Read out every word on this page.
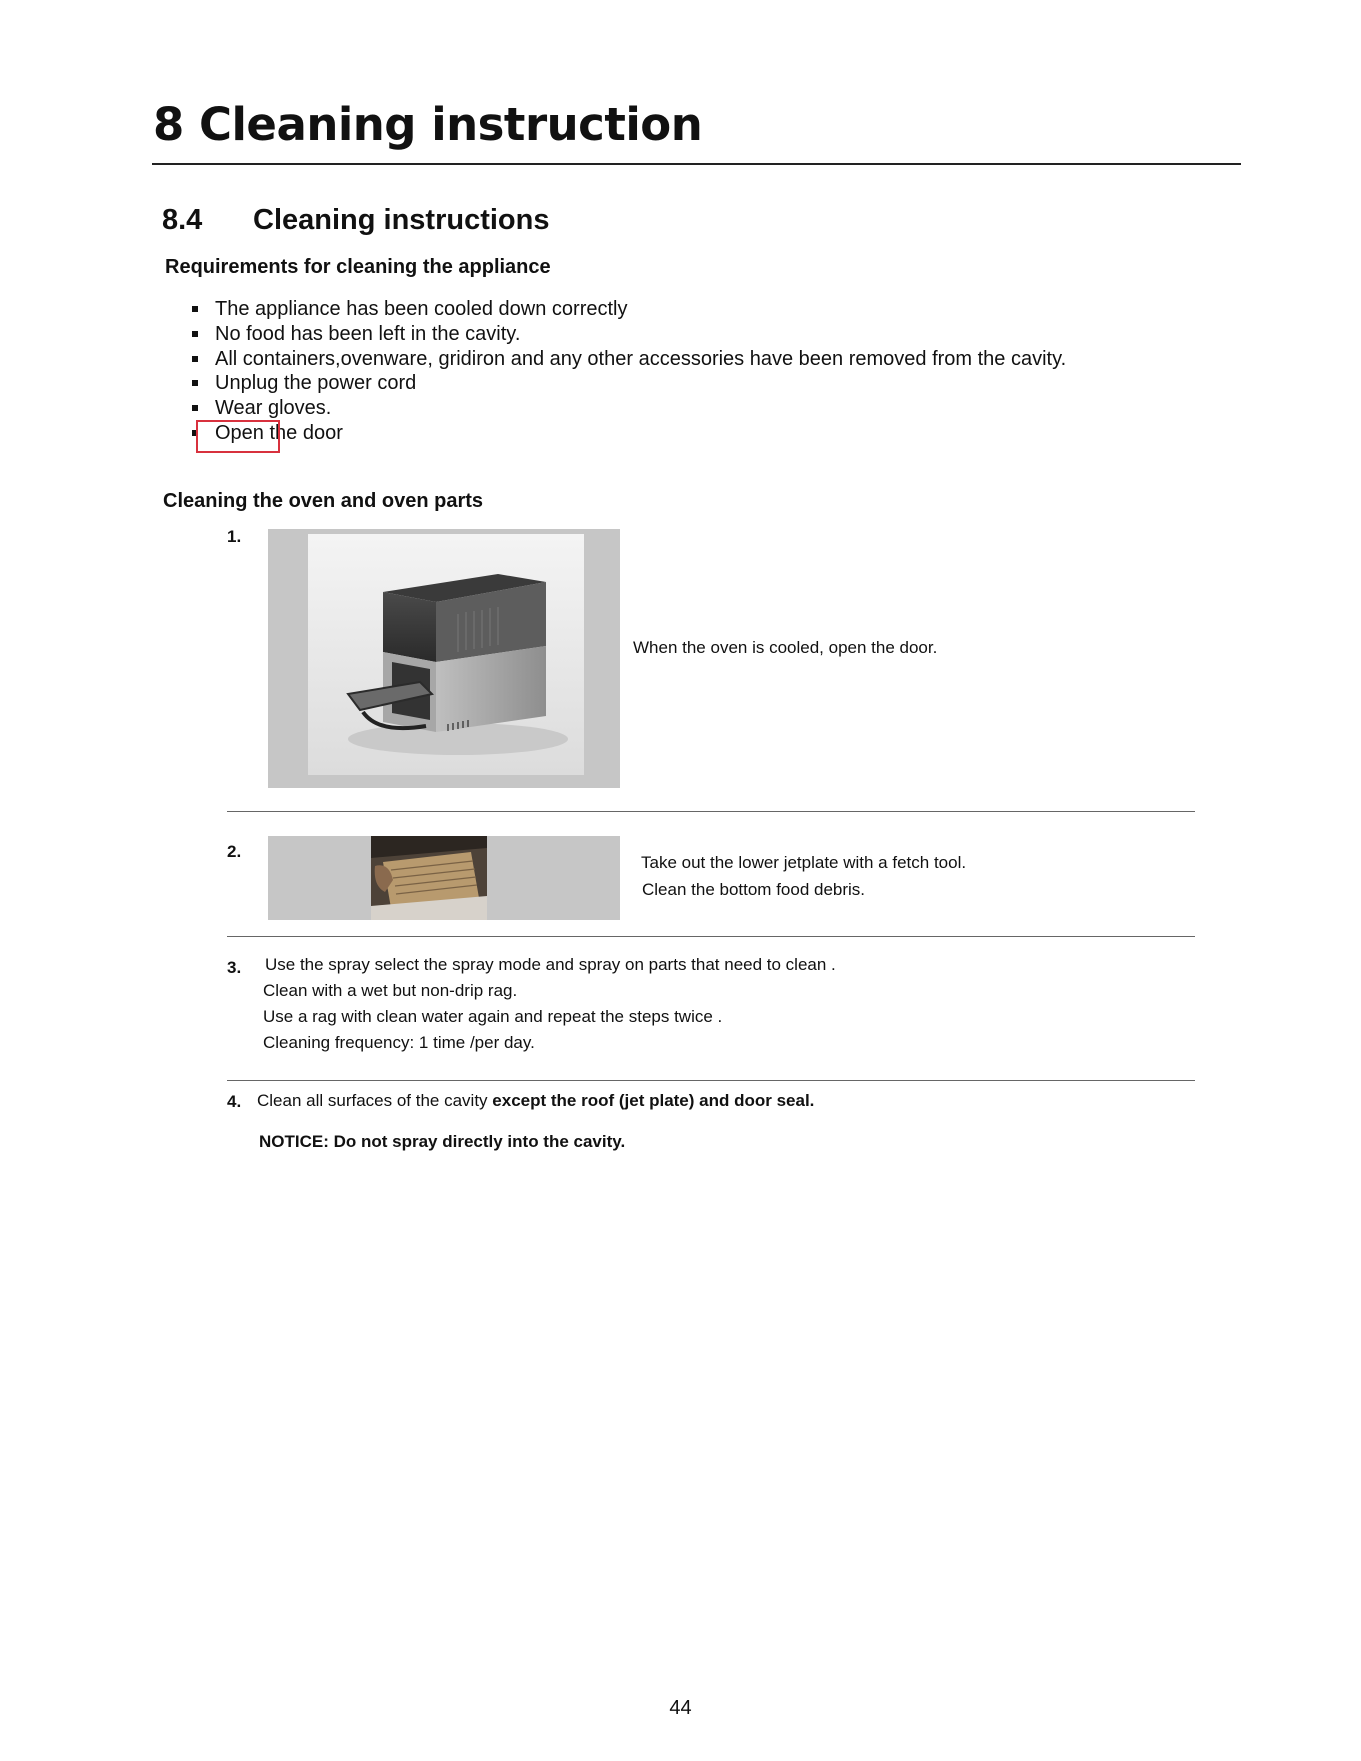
8 Cleaning instruction
8.4 Cleaning instructions
Requirements for cleaning the appliance
The appliance has been cooled down correctly
No food has been left in the cavity.
All containers,ovenware, gridiron and any other accessories have been removed from the cavity.
Unplug the power cord
Wear gloves.
Open the door
Cleaning the oven and oven parts
1.
When the oven is cooled, open the door.
2.
Take out the lower jetplate with a fetch tool.
Clean the bottom food debris.
3. Use the spray select the spray mode and spray on parts that need to clean .
Clean with a wet but non-drip rag.
Use a rag with clean water again and repeat the steps twice .
Cleaning frequency: 1 time /per day.
4. Clean all surfaces of the cavity except the roof (jet plate) and door seal.
NOTICE: Do not spray directly into the cavity.
44
